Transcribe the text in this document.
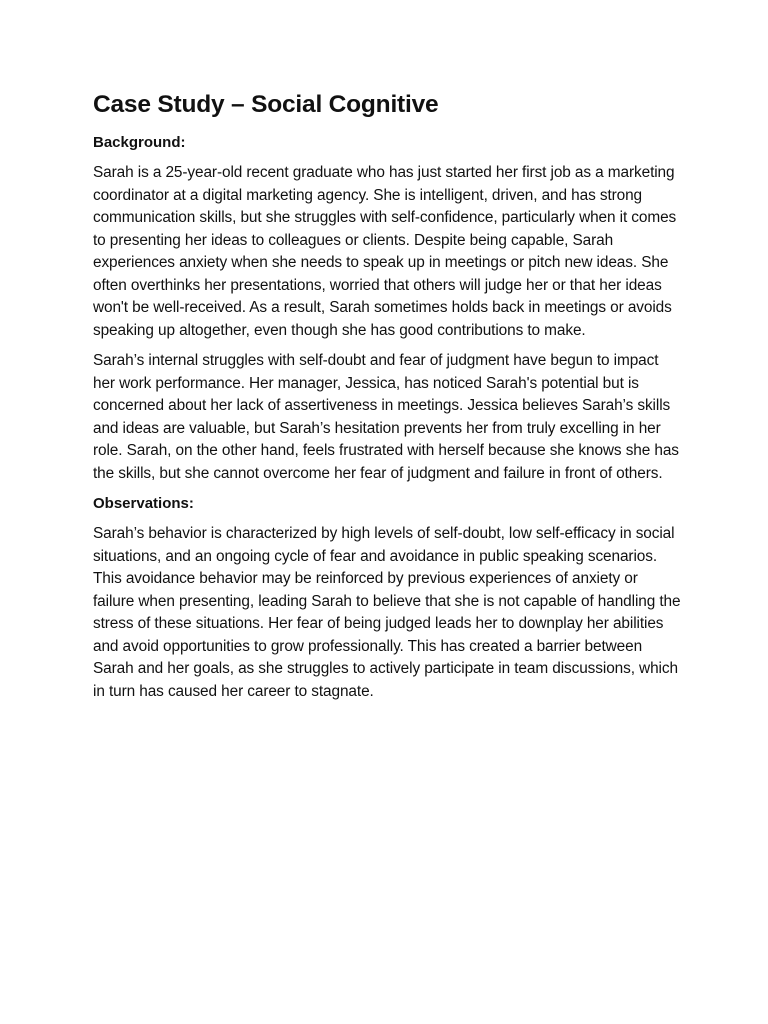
Case Study – Social Cognitive
Background:

Sarah is a 25-year-old recent graduate who has just started her first job as a marketing coordinator at a digital marketing agency. She is intelligent, driven, and has strong communication skills, but she struggles with self-confidence, particularly when it comes to presenting her ideas to colleagues or clients. Despite being capable, Sarah experiences anxiety when she needs to speak up in meetings or pitch new ideas. She often overthinks her presentations, worried that others will judge her or that her ideas won't be well-received. As a result, Sarah sometimes holds back in meetings or avoids speaking up altogether, even though she has good contributions to make.

Sarah’s internal struggles with self-doubt and fear of judgment have begun to impact her work performance. Her manager, Jessica, has noticed Sarah's potential but is concerned about her lack of assertiveness in meetings. Jessica believes Sarah’s skills and ideas are valuable, but Sarah’s hesitation prevents her from truly excelling in her role. Sarah, on the other hand, feels frustrated with herself because she knows she has the skills, but she cannot overcome her fear of judgment and failure in front of others.

Observations:

Sarah’s behavior is characterized by high levels of self-doubt, low self-efficacy in social situations, and an ongoing cycle of fear and avoidance in public speaking scenarios. This avoidance behavior may be reinforced by previous experiences of anxiety or failure when presenting, leading Sarah to believe that she is not capable of handling the stress of these situations. Her fear of being judged leads her to downplay her abilities and avoid opportunities to grow professionally. This has created a barrier between Sarah and her goals, as she struggles to actively participate in team discussions, which in turn has caused her career to stagnate.
